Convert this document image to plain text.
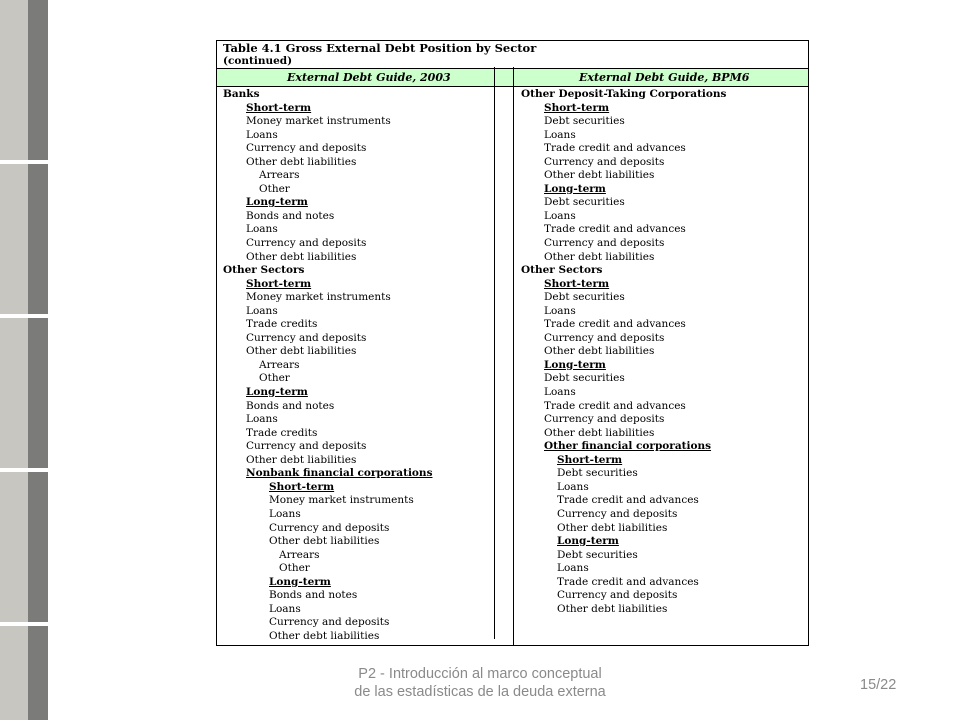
Table 4.1 Gross External Debt Position by Sector
(continued)
External Debt Guide, 2003	External Debt Guide, BPM6
Banks
Short-term
Money market instruments
Loans
Currency and deposits
Other debt liabilities
Arrears
Other
Long-term
Bonds and notes
Loans
Currency and deposits
Other debt liabilities
Other Sectors
Short-term
Money market instruments
Loans
Trade credits
Currency and deposits
Other debt liabilities
Arrears
Other
Long-term
Bonds and notes
Loans
Trade credits
Currency and deposits
Other debt liabilities
Nonbank financial corporations
Short-term
Money market instruments
Loans
Currency and deposits
Other debt liabilities
Arrears
Other
Long-term
Bonds and notes
Loans
Currency and deposits
Other debt liabilities
Other Deposit-Taking Corporations
Short-term
Debt securities
Loans
Trade credit and advances
Currency and deposits
Other debt liabilities
Long-term
Debt securities
Loans
Trade credit and advances
Currency and deposits
Other debt liabilities
Other Sectors
Short-term
Debt securities
Loans
Trade credit and advances
Currency and deposits
Other debt liabilities
Long-term
Debt securities
Loans
Trade credit and advances
Currency and deposits
Other debt liabilities
Other financial corporations
Short-term
Debt securities
Loans
Trade credit and advances
Currency and deposits
Other debt liabilities
Long-term
Debt securities
Loans
Trade credit and advances
Currency and deposits
Other debt liabilities
P2 - Introducción al marco conceptual
de las estadísticas de la deuda externa	15/22
